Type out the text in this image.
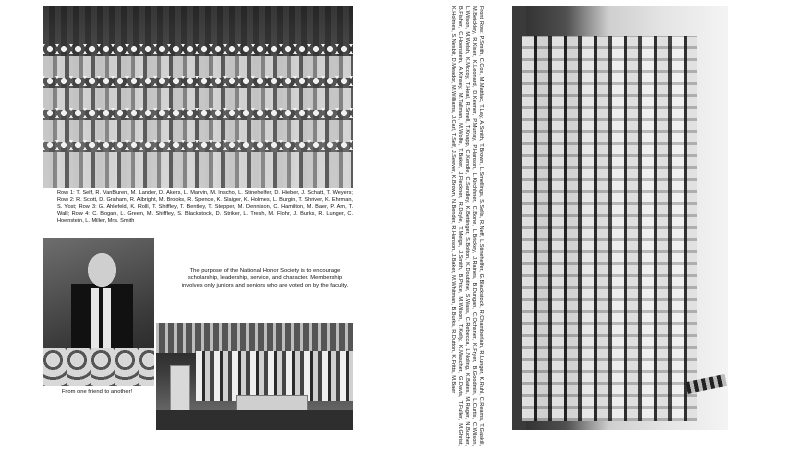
Row 1: T. Self, R. VanBuren, M. Lander, D. Akers, L. Marvin, M. Inscho, L. Stinehelfer, D. Hieber, J. Schatt, T. Weyers; Row 2: R. Scott, D. Graham, R. Albright, M. Brooks, R. Spence, K. Slaiger, K. Holmes, L. Burgin, T. Shriver, K. Ehrman, S. Yost; Row 3: G. Ahlefeld, K. Rolll, T. Shiffley, T. Bentley, T. Stepper, M. Dennison, C. Hamilton, M. Baer, P. Am, T. Wall; Row 4: C. Bogan, L. Green, M. Shiffley, S. Blackstock, D. Striker, L. Tresh, M. Flohr, J. Burks, R. Lunger, C. Hoenstein, L. Miller, Mrs. Smith
The purpose of the National Honor Society is to encourage scholarship, leadership, service, and character. Membership involves only juniors and seniors who are voted on by the faculty.
From one friend to another!	Front Row: P.Smith, C.Cox, M.Mattlac, T.Lay, A.Smith, T.Brown, L.Smellings, S.Sells, R.Neff, L.Stinehelfer, G.Blackstock, R.Chamberlain, R.Lunger, K.Ruhl, C.Reams, T.Gaskill, M.Beickley, R.Kiser, K.Leonard, D.Keener, P.Murray, P.Hanson, L.Kirchhner, C.Bone, L.Brickey, J.Raines, B.Dungan, C.Ochsner, K.Fryer, B.Goodmin, L.Curtis, C.Wilson, L.Wilson, M.Welsh, K.Mccoy, T.Heal, R.Smell, T.Knapp, C.Kendle, C.Sandley, K.Bettinger, S.Bolton, K.Doubtine, S.Wass, C.Rebecca, L.Noling, K.Bates, M.Rager, N.Bucher, B.Fisher, C.Hoenstein, A.Kinsey, M.Tallman, M.Wolfe, T.Baker, J.Fleckner, R.Doyle, T.Meigs, J.Smith, B.Price, M.Wilson, T.Kelly, K.Mascher, G.Davis, T.Fuller, M.Ghrist, K.Holmes, S.Nesbit, D.Meador, M.Williams, J.Carl, T.Self, J.Seever, K.Brown, N.Bender, R.Hanson, J.Baker, M.Whitman, B.Burks, R.Dutton, K.Fritts, M.Baer
